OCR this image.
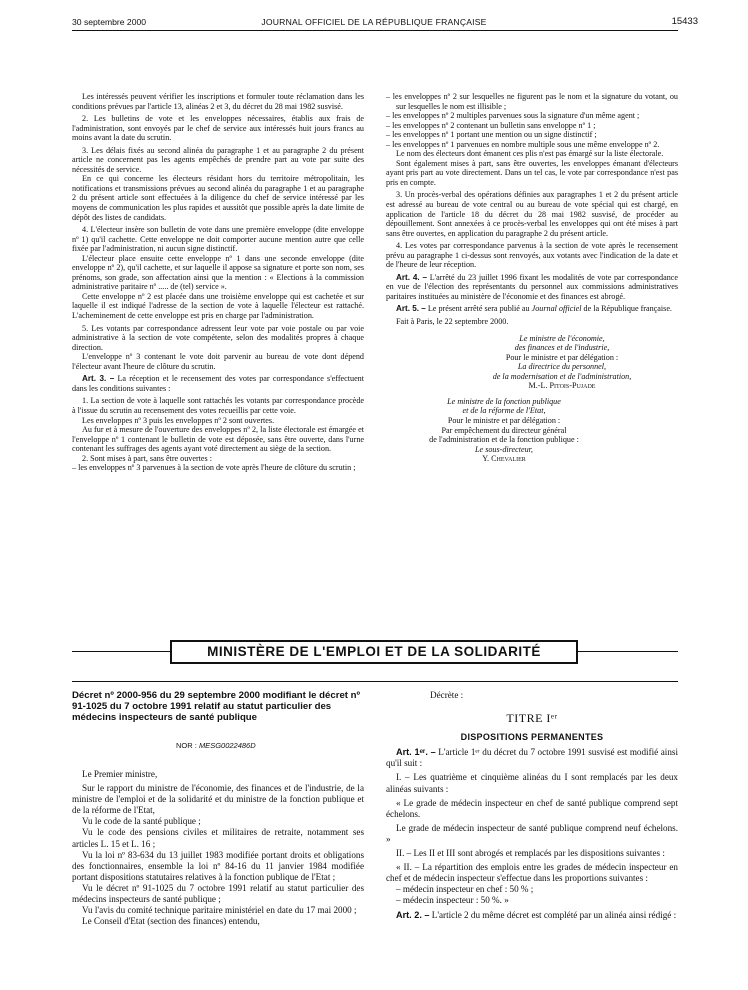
30 septembre 2000	JOURNAL OFFICIEL DE LA RÉPUBLIQUE FRANÇAISE	15433

Les intéressés peuvent vérifier les inscriptions et formuler toute réclamation dans les conditions prévues par l'article 13, alinéas 2 et 3, du décret du 28 mai 1982 susvisé.

2. Les bulletins de vote et les enveloppes nécessaires, établis aux frais de l'administration, sont envoyés par le chef de service aux intéressés huit jours francs au moins avant la date du scrutin.

3. Les délais fixés au second alinéa du paragraphe 1 et au paragraphe 2 du présent article ne concernent pas les agents empêchés de prendre part au vote par suite des nécessités de service.

En ce qui concerne les électeurs résidant hors du territoire métropolitain, les notifications et transmissions prévues au second alinéa du paragraphe 1 et au paragraphe 2 du présent article sont effectuées à la diligence du chef de service intéressé par les moyens de communication les plus rapides et aussitôt que possible après la date limite de dépôt des listes de candidats.

4. L'électeur insère son bulletin de vote dans une première enveloppe (dite enveloppe nº 1) qu'il cachette. Cette enveloppe ne doit comporter aucune mention autre que celle fixée par l'administration, ni aucun signe distinctif.

L'électeur place ensuite cette enveloppe nº 1 dans une seconde enveloppe (dite enveloppe nº 2), qu'il cachette, et sur laquelle il appose sa signature et porte son nom, ses prénoms, son grade, son affectation ainsi que la mention : « Elections à la commission administrative paritaire nº ..... de (tel) service ».

Cette enveloppe nº 2 est placée dans une troisième enveloppe qui est cachetée et sur laquelle il est indiqué l'adresse de la section de vote à laquelle l'électeur est rattaché. L'acheminement de cette enveloppe est pris en charge par l'administration.

5. Les votants par correspondance adressent leur vote par voie postale ou par voie administrative à la section de vote compétente, selon des modalités propres à chaque direction.

L'enveloppe nº 3 contenant le vote doit parvenir au bureau de vote dont dépend l'électeur avant l'heure de clôture du scrutin.

Art. 3. – La réception et le recensement des votes par correspondance s'effectuent dans les conditions suivantes :

1. La section de vote à laquelle sont rattachés les votants par correspondance procède à l'issue du scrutin au recensement des votes recueillis par cette voie.

Les enveloppes nº 3 puis les enveloppes nº 2 sont ouvertes.

Au fur et à mesure de l'ouverture des enveloppes nº 2, la liste électorale est émargée et l'enveloppe nº 1 contenant le bulletin de vote est déposée, sans être ouverte, dans l'urne contenant les suffrages des agents ayant voté directement au siège de la section.

2. Sont mises à part, sans être ouvertes :

– les enveloppes nº 3 parvenues à la section de vote après l'heure de clôture du scrutin ;

– les enveloppes nº 2 sur lesquelles ne figurent pas le nom et la signature du votant, ou sur lesquelles le nom est illisible ;

– les enveloppes nº 2 multiples parvenues sous la signature d'un même agent ;

– les enveloppes nº 2 contenant un bulletin sans enveloppe nº 1 ;

– les enveloppes nº 1 portant une mention ou un signe distinctif ;

– les enveloppes nº 1 parvenues en nombre multiple sous une même enveloppe nº 2.

Le nom des électeurs dont émanent ces plis n'est pas émargé sur la liste électorale.

Sont également mises à part, sans être ouvertes, les enveloppes émanant d'électeurs ayant pris part au vote directement. Dans un tel cas, le vote par correspondance n'est pas pris en compte.

3. Un procès-verbal des opérations définies aux paragraphes 1 et 2 du présent article est adressé au bureau de vote central ou au bureau de vote spécial qui est chargé, en application de l'article 18 du décret du 28 mai 1982 susvisé, de procéder au dépouillement. Sont annexées à ce procès-verbal les enveloppes qui ont été mises à part sans être ouvertes, en application du paragraphe 2 du présent article.

4. Les votes par correspondance parvenus à la section de vote après le recensement prévu au paragraphe 1 ci-dessus sont renvoyés, aux votants avec l'indication de la date et de l'heure de leur réception.

Art. 4. – L'arrêté du 23 juillet 1996 fixant les modalités de vote par correspondance en vue de l'élection des représentants du personnel aux commissions administratives paritaires instituées au ministère de l'économie et des finances est abrogé.

Art. 5. – Le présent arrêté sera publié au Journal officiel de la République française.

Fait à Paris, le 22 septembre 2000.

Le ministre de l'économie,
des finances et de l'industrie,
Pour le ministre et par délégation :
La directrice du personnel,
de la modernisation et de l'administration,
M.-L. Pitois-Pujade
Le ministre de la fonction publique
et de la réforme de l'Etat,
Pour le ministre et par délégation :
Par empêchement du directeur général
de l'administration et de la fonction publique :
Le sous-directeur,
Y. Chevalier
MINISTÈRE DE L'EMPLOI ET DE LA SOLIDARITÉ
Décret nº 2000-956 du 29 septembre 2000 modifiant le décret nº 91-1025 du 7 octobre 1991 relatif au statut particulier des médecins inspecteurs de santé publique
NOR : MESG0022486D

Le Premier ministre,

Sur le rapport du ministre de l'économie, des finances et de l'industrie, de la ministre de l'emploi et de la solidarité et du ministre de la fonction publique et de la réforme de l'Etat,

Vu le code de la santé publique ;

Vu le code des pensions civiles et militaires de retraite, notamment ses articles L. 15 et L. 16 ;

Vu la loi nº 83-634 du 13 juillet 1983 modifiée portant droits et obligations des fonctionnaires, ensemble la loi nº 84-16 du 11 janvier 1984 modifiée portant dispositions statutaires relatives à la fonction publique de l'Etat ;

Vu le décret nº 91-1025 du 7 octobre 1991 relatif au statut particulier des médecins inspecteurs de santé publique ;

Vu l'avis du comité technique paritaire ministériel en date du 17 mai 2000 ;

Le Conseil d'Etat (section des finances) entendu,

Décrète :

TITRE Iᵉʳ
DISPOSITIONS PERMANENTES

Art. 1ᵉʳ. – L'article 1ᵉʳ du décret du 7 octobre 1991 susvisé est modifié ainsi qu'il suit :

I. – Les quatrième et cinquième alinéas du I sont remplacés par les deux alinéas suivants :

« Le grade de médecin inspecteur en chef de santé publique comprend sept échelons.

Le grade de médecin inspecteur de santé publique comprend neuf échelons. »

II. – Les II et III sont abrogés et remplacés par les dispositions suivantes :

« II. – La répartition des emplois entre les grades de médecin inspecteur en chef et de médecin inspecteur s'effectue dans les proportions suivantes :

– médecin inspecteur en chef : 50 % ;

– médecin inspecteur : 50 %. »

Art. 2. – L'article 2 du même décret est complété par un alinéa ainsi rédigé :
